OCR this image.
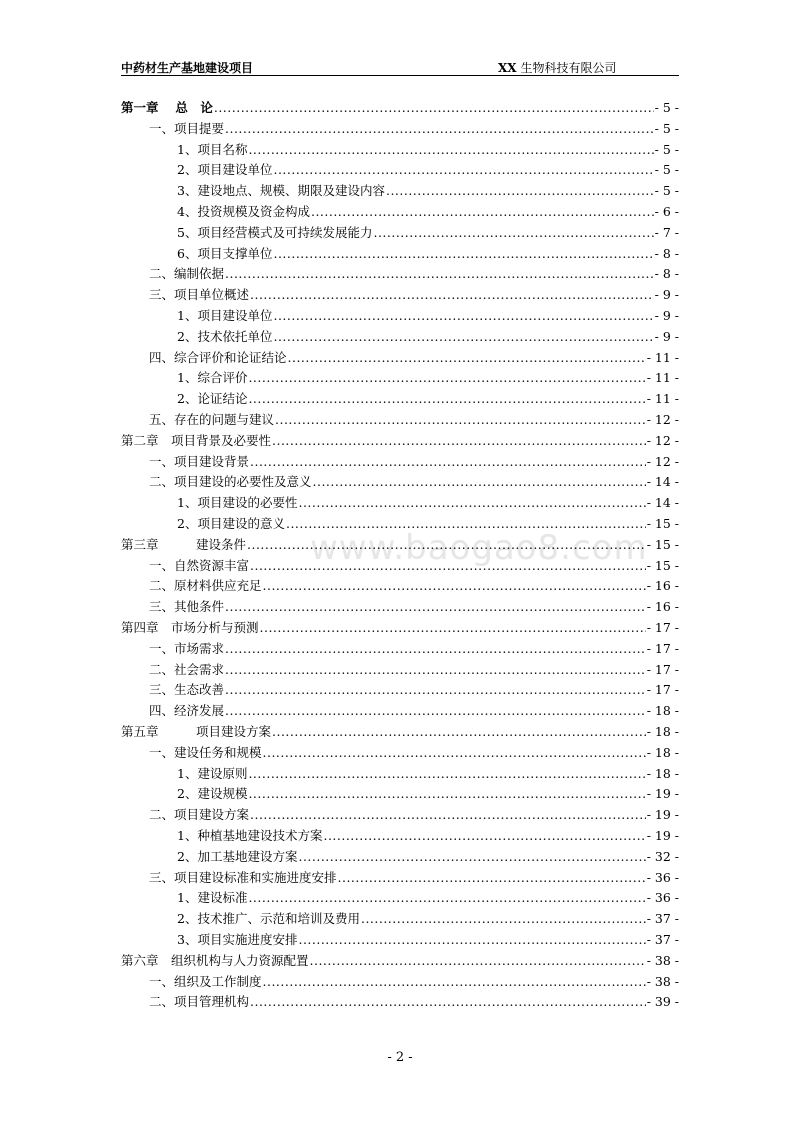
中药材生产基地建设项目	XX 生物科技有限公司
www.baogao8.com
第一章　 总　论 .....	- 5 -
一、项目提要 .....	- 5 -
1、项目名称 .....	- 5 -
2、项目建设单位 .....	- 5 -
3、建设地点、规模、期限及建设内容 .....	- 5 -
4、投资规模及资金构成 .....	- 6 -
5、项目经营模式及可持续发展能力 .....	- 7 -
6、项目支撑单位 .....	- 8 -
二、编制依据 .....	- 8 -
三、项目单位概述 .....	- 9 -
1、项目建设单位 .....	- 9 -
2、技术依托单位 .....	- 9 -
四、综合评价和论证结论 .....	- 11 -
1、综合评价 .....	- 11 -
2、论证结论 .....	- 11 -
五、存在的问题与建议 .....	- 12 -
第二章　项目背景及必要性 .....	- 12 -
一、项目建设背景 .....	- 12 -
二、项目建设的必要性及意义 .....	- 14 -
1、项目建设的必要性 .....	- 14 -
2、项目建设的意义 .....	- 15 -
第三章　　　建设条件 .....	- 15 -
一、自然资源丰富 .....	- 15 -
二、原材料供应充足 .....	- 16 -
三、其他条件 .....	- 16 -
第四章　市场分析与预测 .....	- 17 -
一、市场需求 .....	- 17 -
二、社会需求 .....	- 17 -
三、生态改善 .....	- 17 -
四、经济发展 .....	- 18 -
第五章　　　项目建设方案 .....	- 18 -
一、建设任务和规模 .....	- 18 -
1、建设原则 .....	- 18 -
2、建设规模 .....	- 19 -
二、项目建设方案 .....	- 19 -
1、种植基地建设技术方案 .....	- 19 -
2、加工基地建设方案 .....	- 32 -
三、项目建设标准和实施进度安排 .....	- 36 -
1、建设标准 .....	- 36 -
2、技术推广、示范和培训及费用 .....	- 37 -
3、项目实施进度安排 .....	- 37 -
第六章　组织机构与人力资源配置 .....	- 38 -
一、组织及工作制度 .....	- 38 -
二、项目管理机构 .....	- 39 -
- 2 -
